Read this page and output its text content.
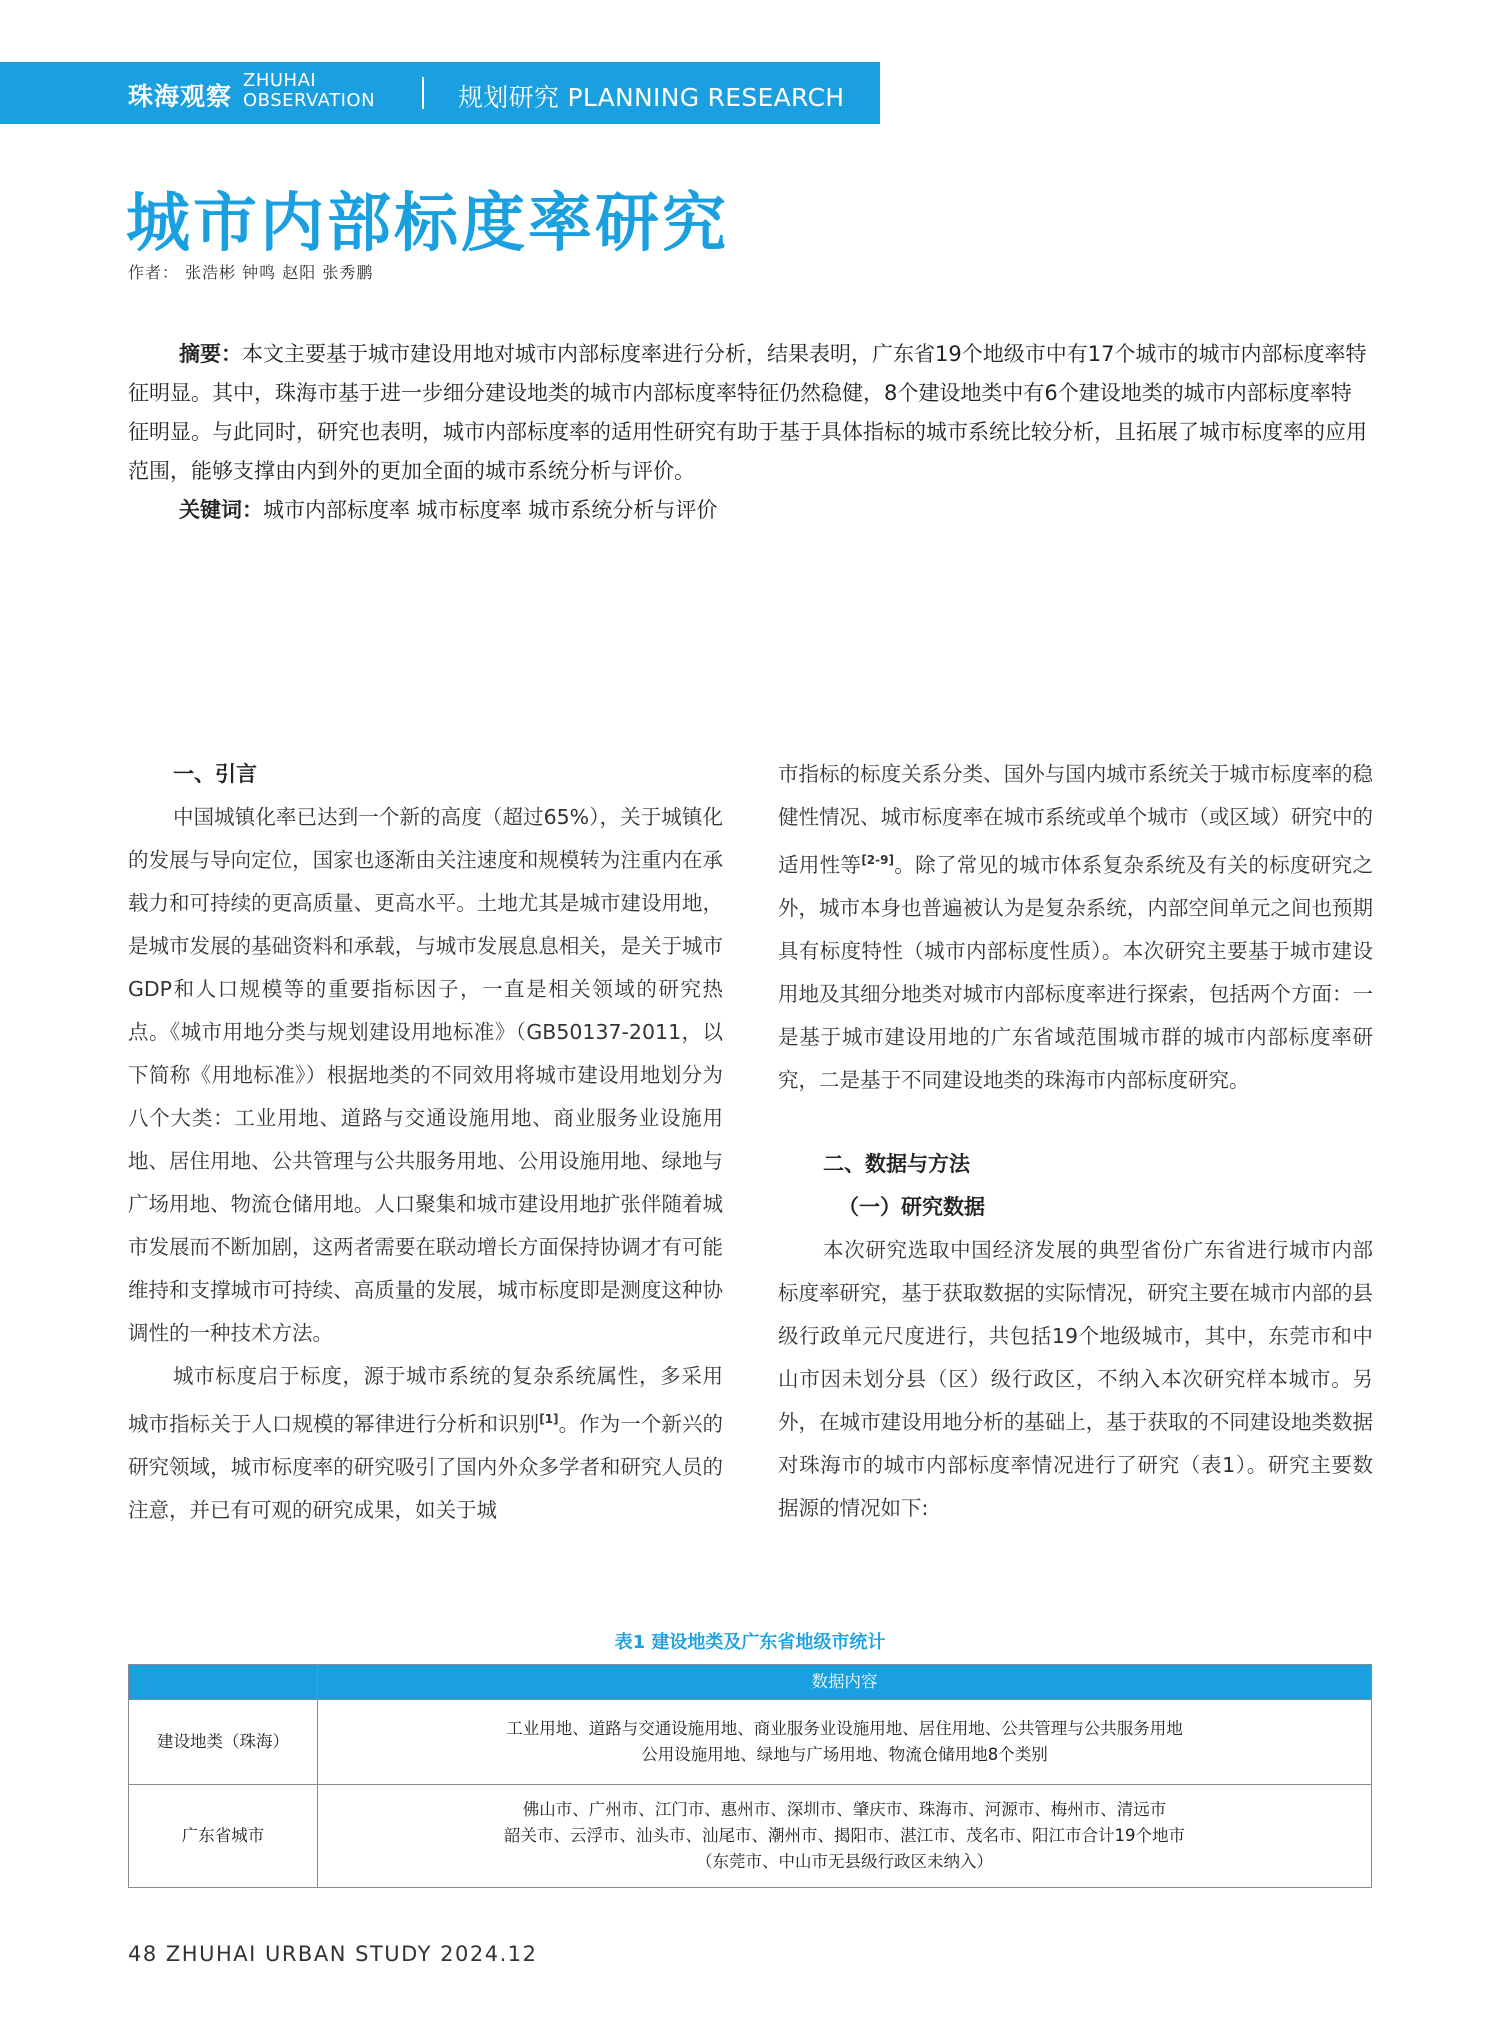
珠海观察
ZHUHAI
OBSERVATION	规划研究 PLANNING RESEARCH
城市内部标度率研究
作者： 张浩彬 钟鸣 赵阳 张秀鹏

摘要：本文主要基于城市建设用地对城市内部标度率进行分析，结果表明，广东省19个地级市中有17个城市的城市内部标度率特征明显。其中，珠海市基于进一步细分建设地类的城市内部标度率特征仍然稳健，8个建设地类中有6个建设地类的城市内部标度率特征明显。与此同时，研究也表明，城市内部标度率的适用性研究有助于基于具体指标的城市系统比较分析，且拓展了城市标度率的应用范围，能够支撑由内到外的更加全面的城市系统分析与评价。

关键词：城市内部标度率 城市标度率 城市系统分析与评价
一、引言

中国城镇化率已达到一个新的高度（超过65%），关于城镇化的发展与导向定位，国家也逐渐由关注速度和规模转为注重内在承载力和可持续的更高质量、更高水平。土地尤其是城市建设用地，是城市发展的基础资料和承载，与城市发展息息相关，是关于城市GDP和人口规模等的重要指标因子，一直是相关领域的研究热点。《城市用地分类与规划建设用地标准》（GB50137-2011，以下简称《用地标准》）根据地类的不同效用将城市建设用地划分为八个大类：工业用地、道路与交通设施用地、商业服务业设施用地、居住用地、公共管理与公共服务用地、公用设施用地、绿地与广场用地、物流仓储用地。人口聚集和城市建设用地扩张伴随着城市发展而不断加剧，这两者需要在联动增长方面保持协调才有可能维持和支撑城市可持续、高质量的发展，城市标度即是测度这种协调性的一种技术方法。

城市标度启于标度，源于城市系统的复杂系统属性，多采用城市指标关于人口规模的幂律进行分析和识别[1]。作为一个新兴的研究领域，城市标度率的研究吸引了国内外众多学者和研究人员的注意，并已有可观的研究成果，如关于城

市指标的标度关系分类、国外与国内城市系统关于城市标度率的稳健性情况、城市标度率在城市系统或单个城市（或区域）研究中的适用性等[2-9]。除了常见的城市体系复杂系统及有关的标度研究之外，城市本身也普遍被认为是复杂系统，内部空间单元之间也预期具有标度特性（城市内部标度性质）。本次研究主要基于城市建设用地及其细分地类对城市内部标度率进行探索，包括两个方面：一是基于城市建设用地的广东省域范围城市群的城市内部标度率研究，二是基于不同建设地类的珠海市内部标度研究。

二、数据与方法
（一）研究数据

本次研究选取中国经济发展的典型省份广东省进行城市内部标度率研究，基于获取数据的实际情况，研究主要在城市内部的县级行政单元尺度进行，共包括19个地级城市，其中，东莞市和中山市因未划分县（区）级行政区，不纳入本次研究样本城市。另外，在城市建设用地分析的基础上，基于获取的不同建设地类数据对珠海市的城市内部标度率情况进行了研究（表1）。研究主要数据源的情况如下:

表1 建设地类及广东省地级市统计
	数据内容
建设地类（珠海）	工业用地、道路与交通设施用地、商业服务业设施用地、居住用地、公共管理与公共服务用地
公用设施用地、绿地与广场用地、物流仓储用地8个类别
广东省城市	佛山市、广州市、江门市、惠州市、深圳市、肇庆市、珠海市、河源市、梅州市、清远市
韶关市、云浮市、汕头市、汕尾市、潮州市、揭阳市、湛江市、茂名市、阳江市合计19个地市
（东莞市、中山市无县级行政区未纳入）
48 ZHUHAI URBAN STUDY 2024.12
